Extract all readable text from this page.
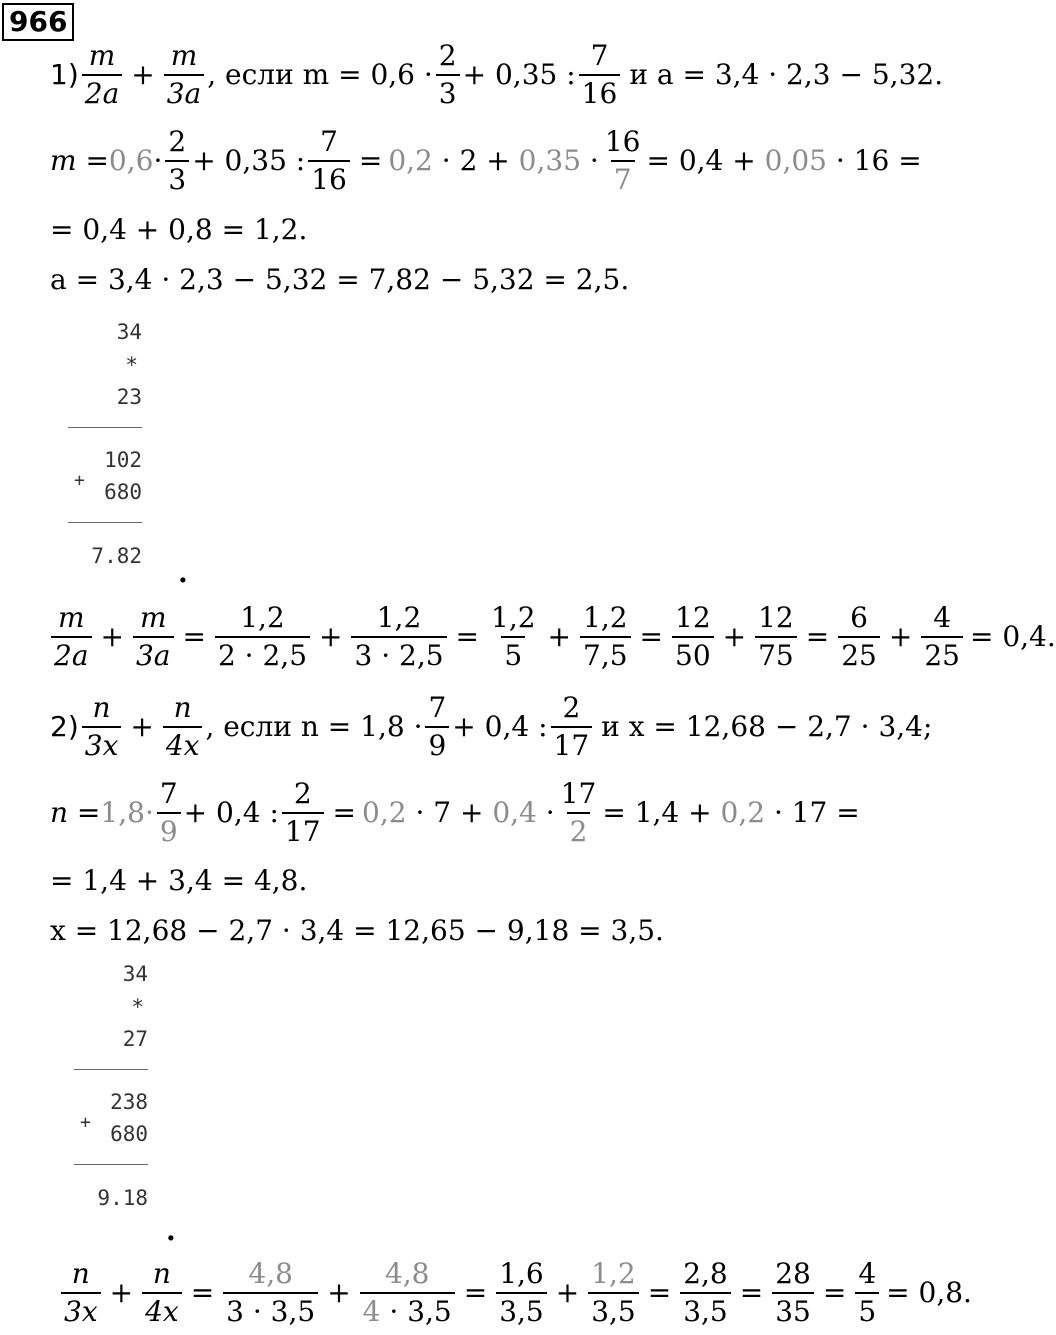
966
$1) \frac{m}{2a} + \frac{m}{3a}$ , если $m = 0,6 \cdot \frac{2}{3} + 0,35$ : $\frac{7}{16}$ и a = 3,4 · 2,3 − 5,32.
$m = 0,6 \cdot \frac{2}{3} + 0,35$ : $\frac{7}{16} = 0,2$
· 2 +
0,35
· $\frac{16}{7} = 0,4$ +
0,05
· 16 =
= 0,4 + 0,8 = 1,2.
a = 3,4 · 2,3 − 5,32 = 7,82 − 5,32 = 2,5.
34
*
23
102
+ 680
7.82 .
$\frac{m}{2a} + \frac{m}{3a} = \frac{1,2}{2 \cdot 2,5} + \frac{1,2}{3 \cdot 2,5} = \frac{1,2}{5} + \frac{1,2}{7,5} = \frac{12}{50} + \frac{12}{75} = \frac{6}{25} + \frac{4}{25} = 0,4$.
$2) \frac{n}{3x} + \frac{n}{4x}$ , если $n = 1,8 \cdot \frac{7}{9} + 0,4$ : $\frac{2}{17}$ и x = 12,68 − 2,7 · 3,4;
$n = 1,8 \cdot \frac{7}{9} + 0,4$ : $\frac{2}{17} = 0,2$
· 7 +
0,4
· $\frac{17}{2} = 1,4$ +
0,2
· 17 =
= 1,4 + 3,4 = 4,8.
x = 12,68 − 2,7 · 3,4 = 12,65 − 9,18 = 3,5.
34
*
27
238
+ 680
9.18
.
$\frac{n}{3x} + \frac{n}{4x} = \frac{4,8}{3 \cdot 3,5} + \frac{4,8}{4 \cdot 3,5} = \frac{1,6}{3,5} + \frac{1,2}{3,5} = \frac{2,8}{3,5} = \frac{28}{35} = \frac{4}{5} = 0,8$.
